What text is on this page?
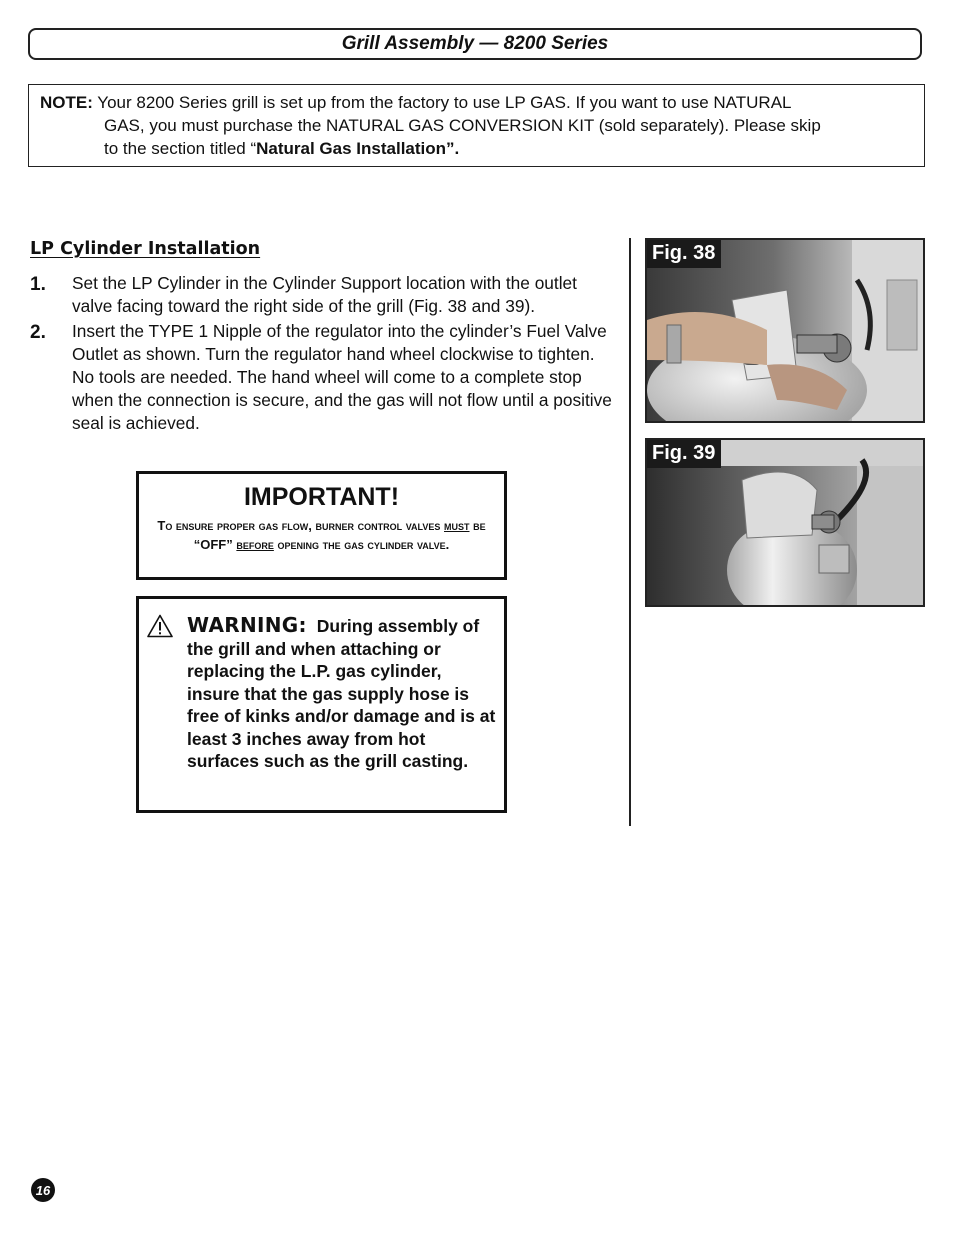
Grill Assembly — 8200 Series
NOTE: Your 8200 Series grill is set up from the factory to use LP GAS. If you want to use NATURAL
GAS, you must purchase the NATURAL GAS CONVERSION KIT (sold separately). Please skip
to the section titled “Natural Gas Installation”.
LP Cylinder Installation
1. Set the LP Cylinder in the Cylinder Support location with the outlet valve facing toward the right side of the grill (Fig. 38 and 39).
2. Insert the TYPE 1 Nipple of the regulator into the cylinder’s Fuel Valve Outlet as shown. Turn the regulator hand wheel clockwise to tighten. No tools are needed. The hand wheel will come to a complete stop when the connection is secure, and the gas will not flow until a positive seal is achieved.
IMPORTANT!
To ensure proper gas flow, burner control valves must be “OFF” before opening the gas cylinder valve.
WARNING: During assembly of the grill and when attaching or replacing the L.P. gas cylinder, insure that the gas supply hose is free of kinks and/or damage and is at least 3 inches away from hot surfaces such as the grill casting.
Fig. 38
Fig. 39
16
